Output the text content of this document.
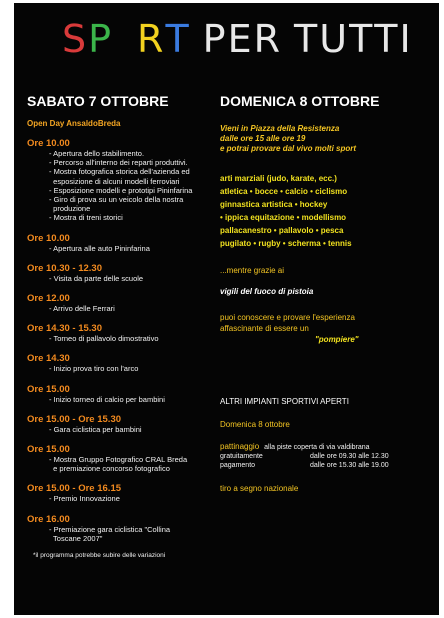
SP RT PER TUTTI
SABATO 7 OTTOBRE
Open Day AnsaldoBreda
Ore 10.00
- Apertura dello stabilimento.
- Percorso all'interno dei reparti produttivi.
- Mostra fotografica storica dell'azienda ed
esposizione di alcuni modelli ferroviari
- Esposizione modelli e prototipi Pininfarina
- Giro di prova su un veicolo della nostra
produzione
- Mostra di treni storici
Ore 10.00
- Apertura alle auto Pininfarina
Ore 10.30 - 12.30
- Visita da parte delle scuole
Ore 12.00
- Arrivo delle Ferrari
Ore 14.30 - 15.30
- Torneo di pallavolo dimostrativo
Ore 14.30
- Inizio prova tiro con l'arco
Ore 15.00
- Inizio torneo di calcio per bambini
Ore 15.00 - Ore 15.30
- Gara ciclistica per bambini
Ore 15.00
- Mostra Gruppo Fotografico CRAL Breda
e premiazione concorso fotografico
Ore 15.00 - Ore 16.15
- Premio Innovazione
Ore 16.00
- Premiazione gara ciclistica "Collina
Toscane 2007"
*il programma potrebbe subire delle variazioni
DOMENICA 8 OTTOBRE
Vieni in Piazza della Resistenza
dalle ore 15 alle ore 19
e potrai provare dal vivo molti sport
arti marziali (judo, karate, ecc.)
atletica • bocce • calcio • ciclismo
ginnastica artistica • hockey
• ippica equitazione • modellismo
pallacanestro • pallavolo • pesca
pugilato • rugby • scherma • tennis
...mentre grazie ai
vigili del fuoco di pistoia
puoi conoscere e provare l'esperienza
affascinante di essere un
"pompiere"
ALTRI IMPIANTI SPORTIVI APERTI
Domenica 8 ottobre
pattinaggio alla piste coperta di via valdibrana	
gratuitamente	dalle ore 09.30 alle 12.30
pagamento	dalle ore 15.30 alle 19.00
tiro a segno nazionale
